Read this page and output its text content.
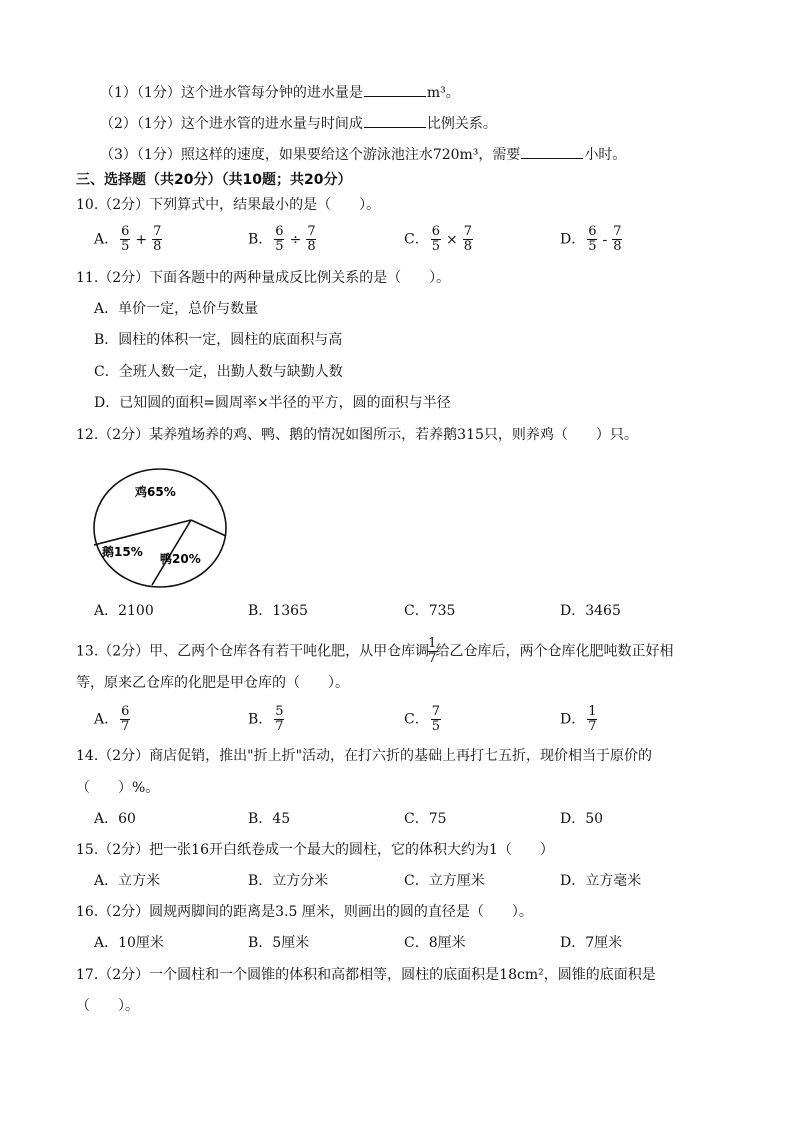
（1）（1分）这个进水管每分钟的进水量是	m³。
（2）（1分）这个进水管的进水量与时间成	比例关系。
（3）（1分）照这样的速度，如果要给这个游泳池注水720m³，需要	小时。
三、选择题（共20分）（共10题；共20分）
10.（2分）下列算式中，结果最小的是（　　）。
A． $\frac{6}{5} + \frac{7}{8}$	B． $\frac{6}{5} \div \frac{7}{8}$	C． $\frac{6}{5} \times \frac{7}{8}$	D． $\frac{6}{5} - \frac{7}{8}$
11.（2分）下面各题中的两种量成反比例关系的是（　　）。
A．单价一定，总价与数量
B．圆柱的体积一定，圆柱的底面积与高
C．全班人数一定，出勤人数与缺勤人数
D．已知圆的面积=圆周率×半径的平方，圆的面积与半径
12.（2分）某养殖场养的鸡、鸭、鹅的情况如图所示，若养鹅315只，则养鸡（　　）只。
鸡65%
鸭20%
鹅15%
A．2100	B．1365	C．735	D．3465
13.（2分）甲、乙两个仓库各有若干吨化肥，从甲仓库调
$\frac{1}{7}$
给乙仓库后，两个仓库化肥吨数正好相
等，原来乙仓库的化肥是甲仓库的（　　）。
A． $\frac{6}{7}$	B． $\frac{5}{7}$	C． $\frac{7}{5}$	D． $\frac{1}{7}$
14.（2分）商店促销，推出"折上折"活动，在打六折的基础上再打七五折，现价相当于原价的
（　　）%。
A．60	B．45	C．75	D．50
15.（2分）把一张16开白纸卷成一个最大的圆柱，它的体积大约为1（　　）
A．立方米	B．立方分米	C．立方厘米	D．立方毫米
16.（2分）圆规两脚间的距离是3.5 厘米，则画出的圆的直径是（　　）。
A．10厘米	B．5厘米	C．8厘米	D．7厘米
17.（2分）一个圆柱和一个圆锥的体积和高都相等，圆柱的底面积是18cm²，圆锥的底面积是
（　　）。
